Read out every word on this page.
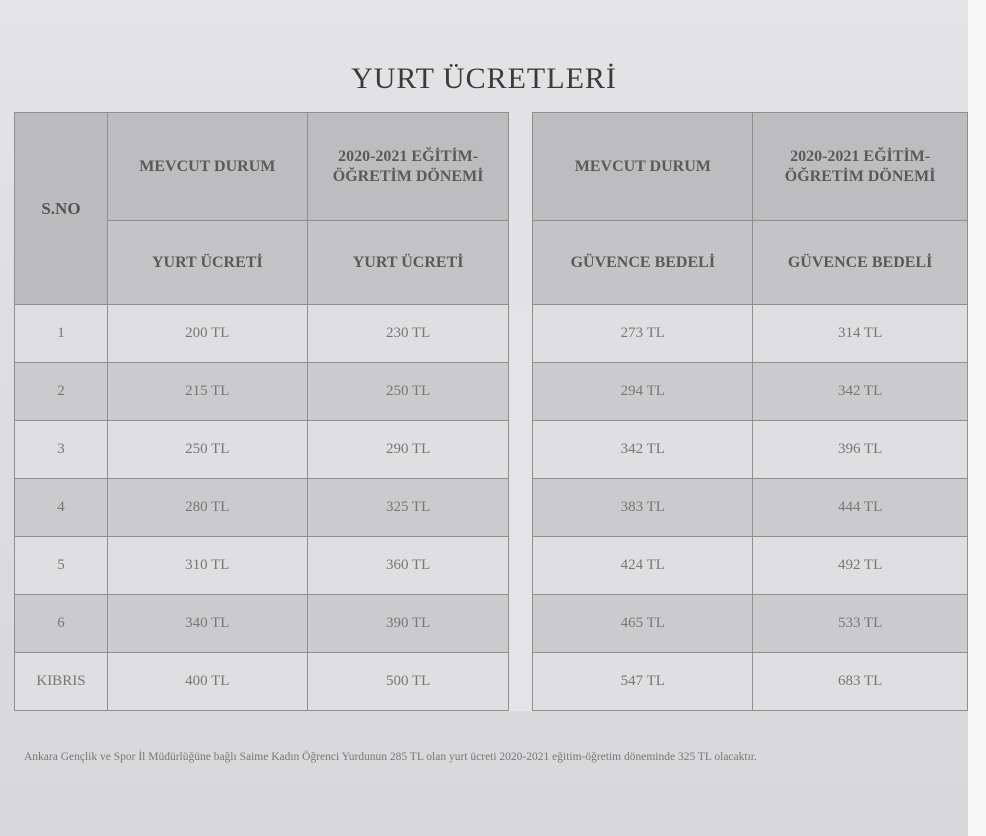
YURT ÜCRETLERİ
S.NO	MEVCUT DURUM	2020-2021 EĞİTİM-ÖĞRETİM DÖNEMİ		MEVCUT DURUM	2020-2021 EĞİTİM-ÖĞRETİM DÖNEMİ
	YURT ÜCRETİ	YURT ÜCRETİ		GÜVENCE BEDELİ	GÜVENCE BEDELİ
1	200 TL	230 TL		273 TL	314 TL
2	215 TL	250 TL		294 TL	342 TL
3	250 TL	290 TL		342 TL	396 TL
4	280 TL	325 TL		383 TL	444 TL
5	310 TL	360 TL		424 TL	492 TL
6	340 TL	390 TL		465 TL	533 TL
KIBRIS	400 TL	500 TL		547 TL	683 TL
Ankara Gençlik ve Spor İl Müdürlüğüne bağlı Saime Kadın Öğrenci Yurdunun 285 TL olan yurt ücreti 2020-2021 eğitim-öğretim döneminde 325 TL olacaktır.
